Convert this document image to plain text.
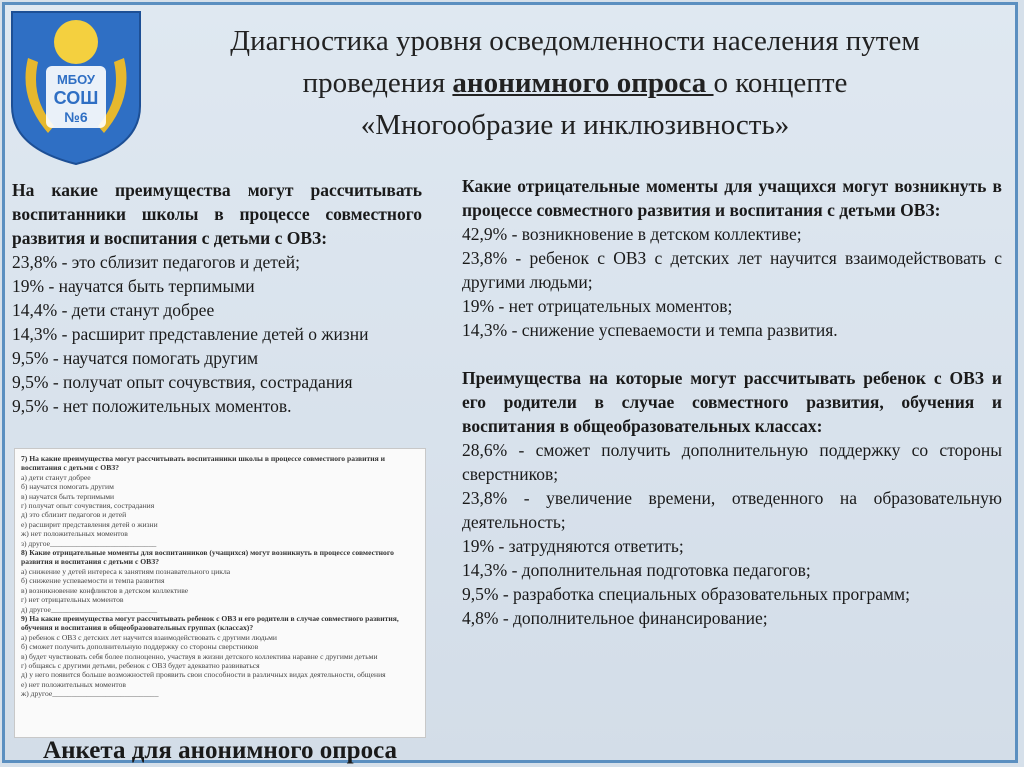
МБОУ
СОШ
№6
Диагностика уровня осведомленности населения путем
проведения анонимного опроса о концепте
«Многообразие и инклюзивность»
На какие преимущества могут рассчитывать воспитанники школы в процессе совместного развития и воспитания с детьми с ОВЗ:
23,8% - это сблизит педагогов и детей;
19% - научатся быть терпимыми
14,4% - дети станут добрее
14,3% - расширит представление детей о жизни
9,5% - научатся помогать другим
9,5% - получат опыт сочувствия, сострадания
9,5% - нет положительных моментов.
Какие отрицательные моменты для учащихся могут возникнуть в процессе совместного развития и воспитания с детьми ОВЗ:
42,9% - возникновение в детском коллективе;
23,8% - ребенок с ОВЗ с детских лет научится взаимодействовать с другими людьми;
19% - нет отрицательных моментов;
14,3% - снижение успеваемости и темпа развития.
Преимущества на которые могут рассчитывать ребенок с ОВЗ и его родители в случае совместного развития, обучения и воспитания в общеобразовательных классах:
28,6% - сможет получить дополнительную поддержку со стороны сверстников;
23,8% - увеличение времени, отведенного на образовательную деятельность;
19% - затрудняются ответить;
14,3% - дополнительная подготовка педагогов;
9,5% - разработка специальных образовательных программ;
4,8% - дополнительное финансирование;
7) На какие преимущества могут рассчитывать воспитанники школы в процессе совместного развития и воспитания с детьми с ОВЗ?
а) дети станут добрее
б) научатся помогать другим
в) научатся быть терпимыми
г) получат опыт сочувствия, сострадания
д) это сблизит педагогов и детей
е) расширит представления детей о жизни
ж) нет положительных моментов
з) другое____________________________
8) Какие отрицательные моменты для воспитанников (учащихся) могут возникнуть в процессе совместного развития и воспитания с детьми с ОВЗ?
а) снижение у детей интереса к занятиям познавательного цикла
б) снижение успеваемости и темпа развития
в) возникновение конфликтов в детском коллективе
г) нет отрицательных моментов
д) другое____________________________
9) На какие преимущества могут рассчитывать ребенок с ОВЗ и его родители в случае совместного развития, обучения и воспитания в общеобразовательных группах (классах)?
а) ребенок с ОВЗ с детских лет научится взаимодействовать с другими людьми
б) сможет получить дополнительную поддержку со стороны сверстников
в) будет чувствовать себя более полноценно, участвуя в жизни детского коллектива наравне с другими детьми
г) общаясь с другими детьми, ребенок с ОВЗ будет адекватно развиваться
д) у него появится больше возможностей проявить свои способности в различных видах деятельности, общения
е) нет положительных моментов
ж) другое____________________________
Анкета для анонимного опроса
